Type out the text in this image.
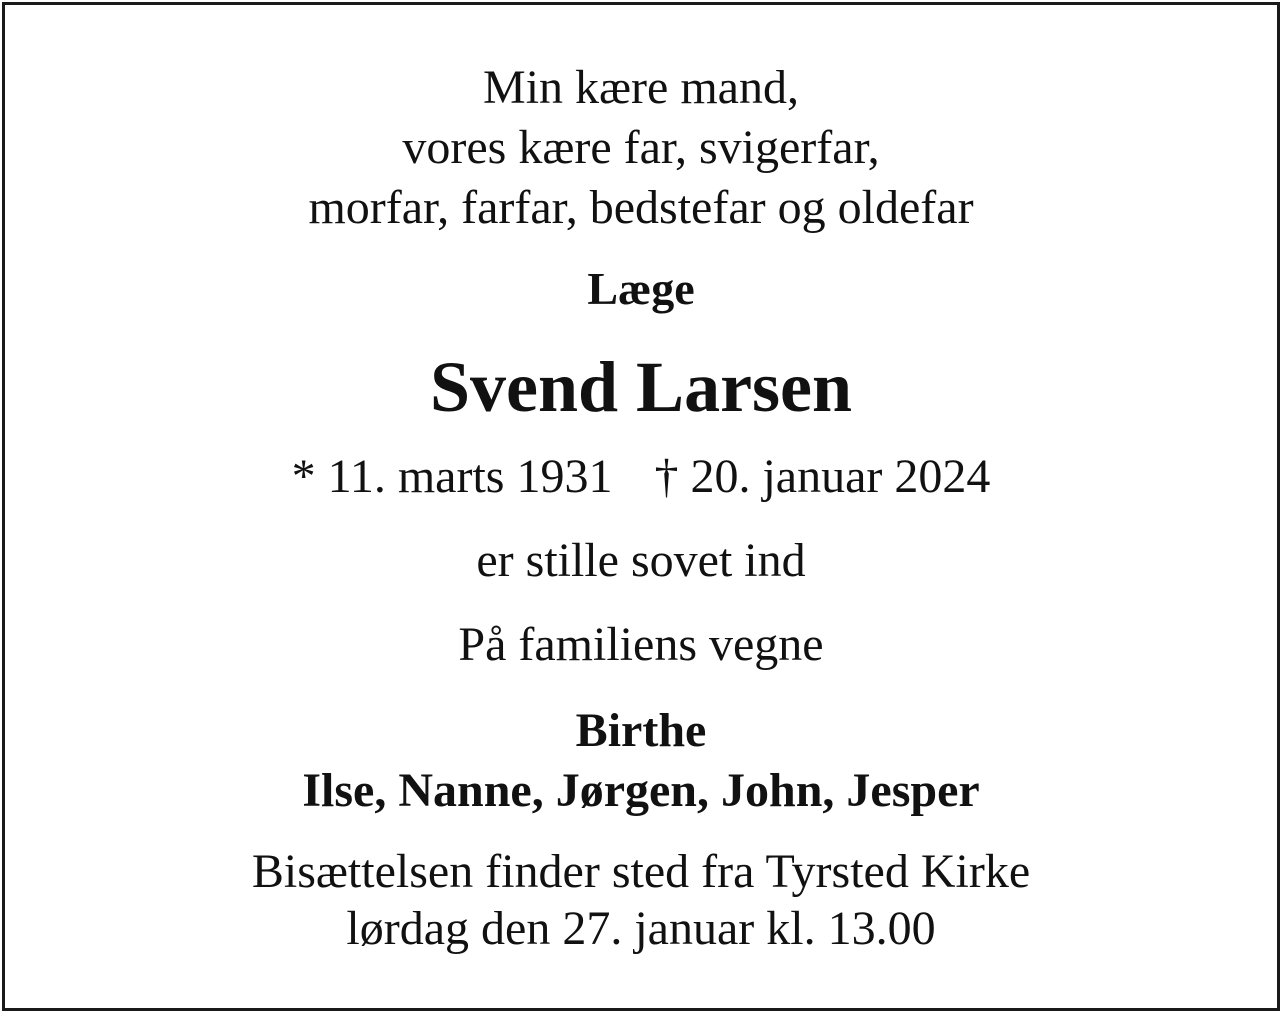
Min kære mand,
vores kære far, svigerfar,
morfar, farfar, bedstefar og oldefar
Læge
Svend Larsen
* 11. marts 1931 † 20. januar 2024
er stille sovet ind
På familiens vegne
Birthe
Ilse, Nanne, Jørgen, John, Jesper
Bisættelsen finder sted fra Tyrsted Kirke
lørdag den 27. januar kl. 13.00
